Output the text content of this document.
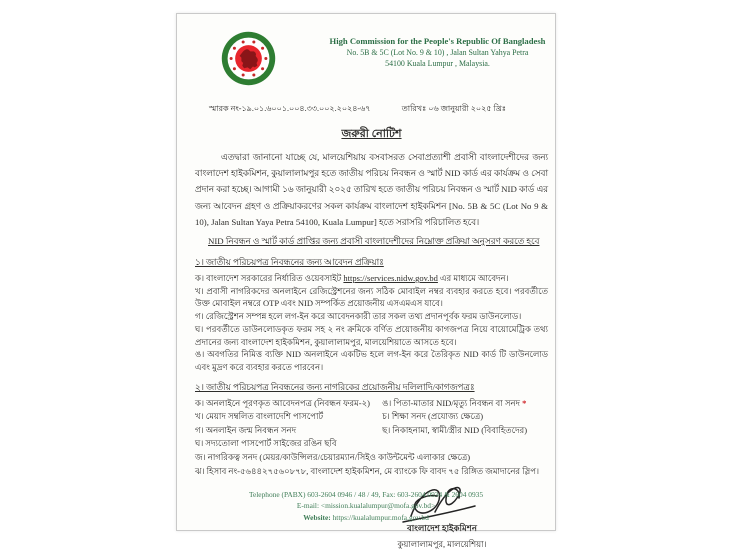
High Commission for the People's Republic Of Bangladesh
No. 5B & 5C (Lot No. 9 & 10) , Jalan Sultan Yahya Petra
54100 Kuala Lumpur , Malaysia.
স্মারক নং-১৯.০১.৬০০১.০০৪.৩৩.০০২.২০২৪-৬৭	তারিখঃ ০৬ জানুয়ারী ২০২৫ খ্রিঃ
জরুরী নোটিশ

এতদ্বারা জানানো যাচ্ছে যে, মালয়েশিয়ায় বসবাসরত সেবাপ্রত্যাশী প্রবাসী বাংলাদেশীদের জন্য বাংলাদেশ হাইকমিশন, কুয়ালালামপুর হতে জাতীয় পরিচয় নিবন্ধন ও স্মার্ট NID কার্ড এর কার্যক্রম ও সেবা প্রদান করা হচ্ছে। আগামী ১৬ জানুয়ারী ২০২৫ তারিখ হতে জাতীয় পরিচয় নিবন্ধন ও স্মার্ট NID কার্ড এর জন্য আবেদন গ্রহণ ও প্রক্রিয়াকরণের সকল কার্যক্রম বাংলাদেশ হাইকমিশন [No. 5B & 5C (Lot No 9 & 10), Jalan Sultan Yaya Petra 54100, Kuala Lumpur] হতে সরাসরি পরিচালিত হবে।

NID নিবন্ধন ও স্মার্ট কার্ড প্রাপ্তির জন্য প্রবাসী বাংলাদেশীদের নিম্নোক্ত প্রক্রিয়া অনুসরণ করতে হবে
১। জাতীয় পরিচয়পত্র নিবন্ধনের জন্য আবেদন প্রক্রিয়াঃ
ক। বাংলাদেশ সরকারের নির্ধারিত ওয়েবসাইট https://services.nidw.gov.bd এর মাধ্যমে আবেদন।
খ। প্রবাসী নাগরিকদের অনলাইনে রেজিস্ট্রেশনের জন্য সঠিক মোবাইল নম্বর ব্যবহার করতে হবে। পরবর্তীতে উক্ত মোবাইল নম্বরে OTP এবং NID সম্পর্কিত প্রয়োজনীয় এসএমএস যাবে।
গ। রেজিস্ট্রেশন সম্পন্ন হলে লগ-ইন করে আবেদনকারী তার সকল তথ্য প্রদানপূর্বক ফরম ডাউনলোড।
ঘ। পরবর্তীতে ডাউনলোডকৃত ফরম সহ ২ নং ক্রমিকে বর্ণিত প্রয়োজনীয় কাগজপত্র নিয়ে বায়োমেট্রিক তথ্য প্রদানের জন্য বাংলাদেশ হাইকমিশন, কুয়ালালামপুর, মালয়েশিয়াতে আসতে হবে।
ঙ। অবগতির নিমিত্ত ব্যক্তি NID অনলাইনে একটিভ হলে লগ-ইন করে তৈরিকৃত NID কার্ড টি ডাউনলোড এবং মুদ্রণ করে ব্যবহার করতে পারবেন।
২। জাতীয় পরিচয়পত্র নিবন্ধনের জন্য নাগরিকের প্রয়োজনীয় দলিলাদি/কাগজপত্রঃ
ক। অনলাইনে পূরণকৃত আবেদনপত্র (নিবন্ধন ফরম-২)
খ। মেয়াদ সম্বলিত বাংলাদেশি পাসপোর্ট
গ। অনলাইন জন্ম নিবন্ধন সনদ
ঘ। সদ্যতোলা পাসপোর্ট সাইজের রঙিন ছবি
ঙ। পিতা-মাতার NID/মৃত্যু নিবন্ধন বা সনদ *
চ। শিক্ষা সনদ (প্রযোজ্য ক্ষেত্রে)
ছ। নিকাহনামা, স্বামী/স্ত্রীর NID (বিবাহিতদের)
জ। নাগরিকত্ব সনদ (মেয়র/কাউন্সিলর/চেয়ারম্যান/সিইও কাউন্টমেন্ট এলাকার ক্ষেত্রে)
ঝ। হিসাব নং-৫৬৪৪২৭৫৬০৮৭৮, বাংলাদেশ হাইকমিশন, মে ব্যাংকে ফি বাবদ ৭৫ রিঙ্গিত জমাদানের স্লিপ।
বাংলাদেশ হাইকমিশন
কুয়ালালামপুর, মালয়েশিয়া।
Telephone (PABX) 603-2604 0946 / 48 / 49, Fax: 603-2604 0934 & 2604 0935
E-mail: <mission.kualalumpur@mofa.gov.bd>
Website: https://kualalumpur.mofa.gov.bd
